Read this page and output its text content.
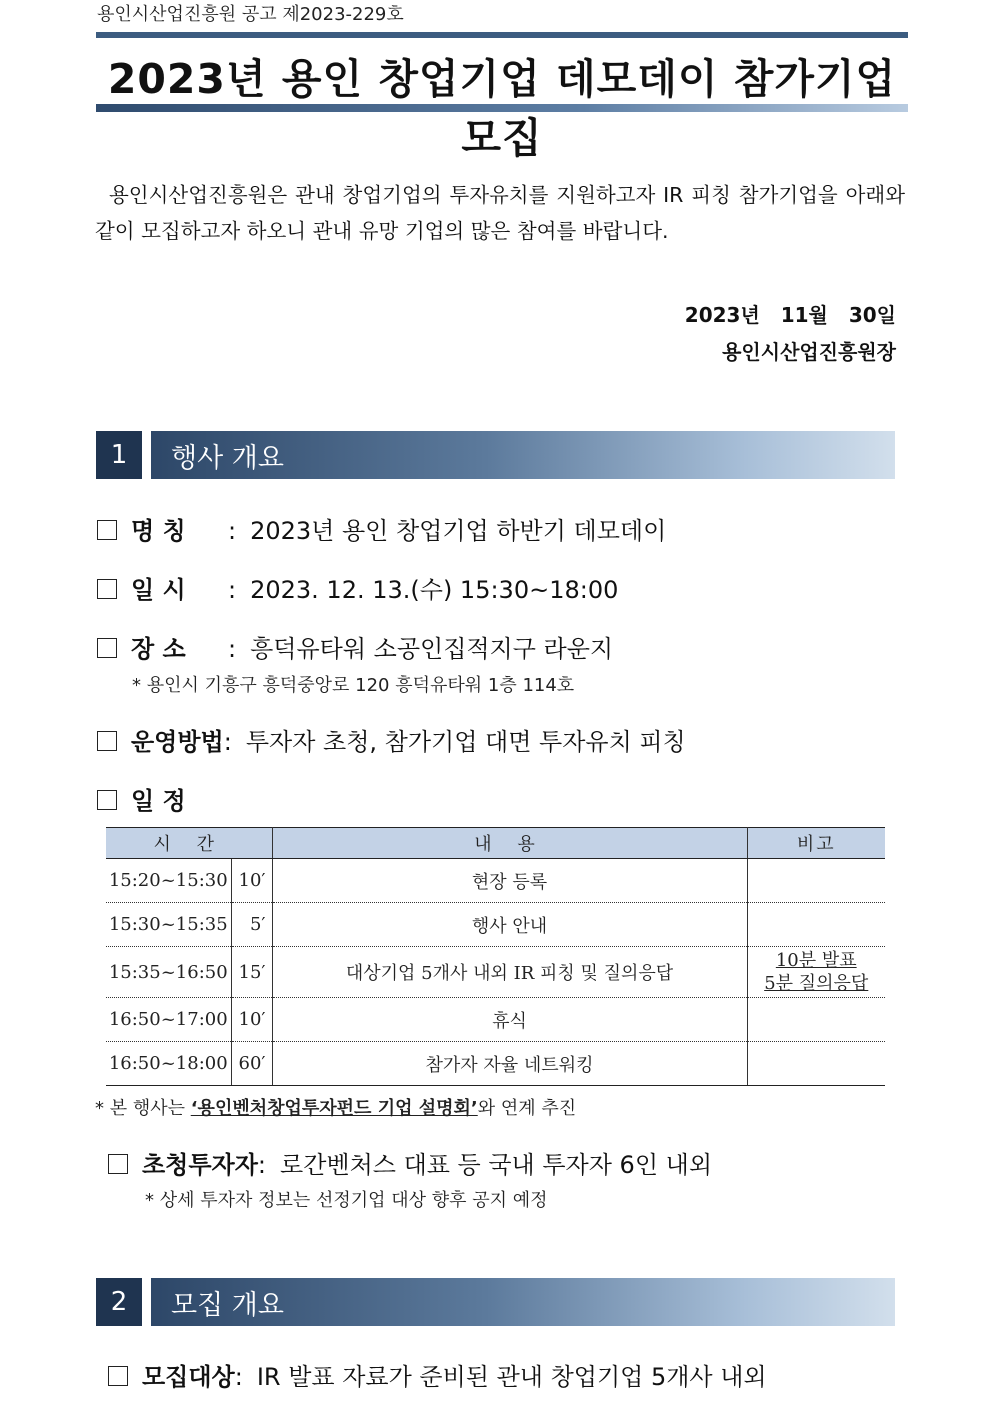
용인시산업진흥원 공고 제2023-229호
2023년 용인 창업기업 데모데이 참가기업 모집
용인시산업진흥원은 관내 창업기업의 투자유치를 지원하고자 IR 피칭 참가기업을 아래와 같이 모집하고자 하오니 관내 유망 기업의 많은 참여를 바랍니다.
2023년 11월 30일
용인시산업진흥원장
1	행사 개요
명 칭	: 2023년 용인 창업기업 하반기 데모데이
일 시	: 2023. 12. 13.(수) 15:30~18:00
장 소	: 흥덕유타워 소공인집적지구 라운지
* 용인시 기흥구 흥덕중앙로 120 흥덕유타워 1층 114호
운영방법 : 투자자 초청, 참가기업 대면 투자유치 피칭
일 정
시 간		내 용	비고
15:20~15:30	10′	현장 등록	
15:30~15:35	5′	행사 안내	
15:35~16:50	15′	대상기업 5개사 내외 IR 피칭 및 질의응답	10분 발표
5분 질의응답

16:50~17:00	10′	휴식	
16:50~18:00	60′	참가자 자율 네트워킹	
* 본 행사는 ‘용인벤처창업투자펀드 기업 설명회’와 연계 추진
초청투자자 : 로간벤처스 대표 등 국내 투자자 6인 내외
* 상세 투자자 정보는 선정기업 대상 향후 공지 예정
2	모집 개요
모집대상 : IR 발표 자료가 준비된 관내 창업기업 5개사 내외
